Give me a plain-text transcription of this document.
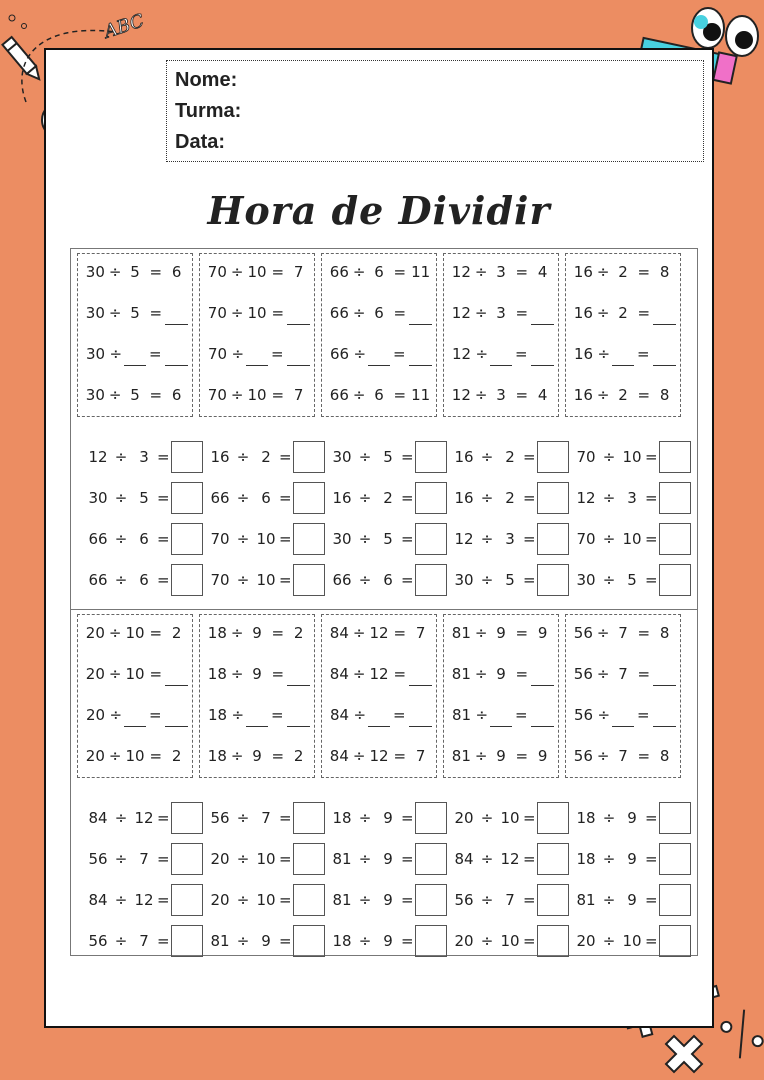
ABC
Nome:
Turma:
Data:
Hora de Dividir
30 ÷ 5 = 6
30 ÷ 5 =
30 ÷ =
30 ÷ 5 = 6
70 ÷ 10 = 7
70 ÷ 10 =
70 ÷ =
70 ÷ 10 = 7
66 ÷ 6 = 11
66 ÷ 6 =
66 ÷ =
66 ÷ 6 = 11
12 ÷ 3 = 4
12 ÷ 3 =
12 ÷ =
12 ÷ 3 = 4
16 ÷ 2 = 8
16 ÷ 2 =
16 ÷ =
16 ÷ 2 = 8
12 ÷ 3 =	16 ÷ 2 =	30 ÷ 5 =	16 ÷ 2 =	70 ÷ 10 =
30 ÷ 5 =	66 ÷ 6 =	16 ÷ 2 =	16 ÷ 2 =	12 ÷ 3 =
66 ÷ 6 =	70 ÷ 10 =	30 ÷ 5 =	12 ÷ 3 =	70 ÷ 10 =
66 ÷ 6 =	70 ÷ 10 =	66 ÷ 6 =	30 ÷ 5 =	30 ÷ 5 =
20 ÷ 10 = 2
20 ÷ 10 =
20 ÷ =
20 ÷ 10 = 2
18 ÷ 9 = 2
18 ÷ 9 =
18 ÷ =
18 ÷ 9 = 2
84 ÷ 12 = 7
84 ÷ 12 =
84 ÷ =
84 ÷ 12 = 7
81 ÷ 9 = 9
81 ÷ 9 =
81 ÷ =
81 ÷ 9 = 9
56 ÷ 7 = 8
56 ÷ 7 =
56 ÷ =
56 ÷ 7 = 8
84 ÷ 12 =	56 ÷ 7 =	18 ÷ 9 =	20 ÷ 10 =	18 ÷ 9 =
56 ÷ 7 =	20 ÷ 10 =	81 ÷ 9 =	84 ÷ 12 =	18 ÷ 9 =
84 ÷ 12 =	20 ÷ 10 =	81 ÷ 9 =	56 ÷ 7 =	81 ÷ 9 =
56 ÷ 7 =	81 ÷ 9 =	18 ÷ 9 =	20 ÷ 10 =	20 ÷ 10 =
